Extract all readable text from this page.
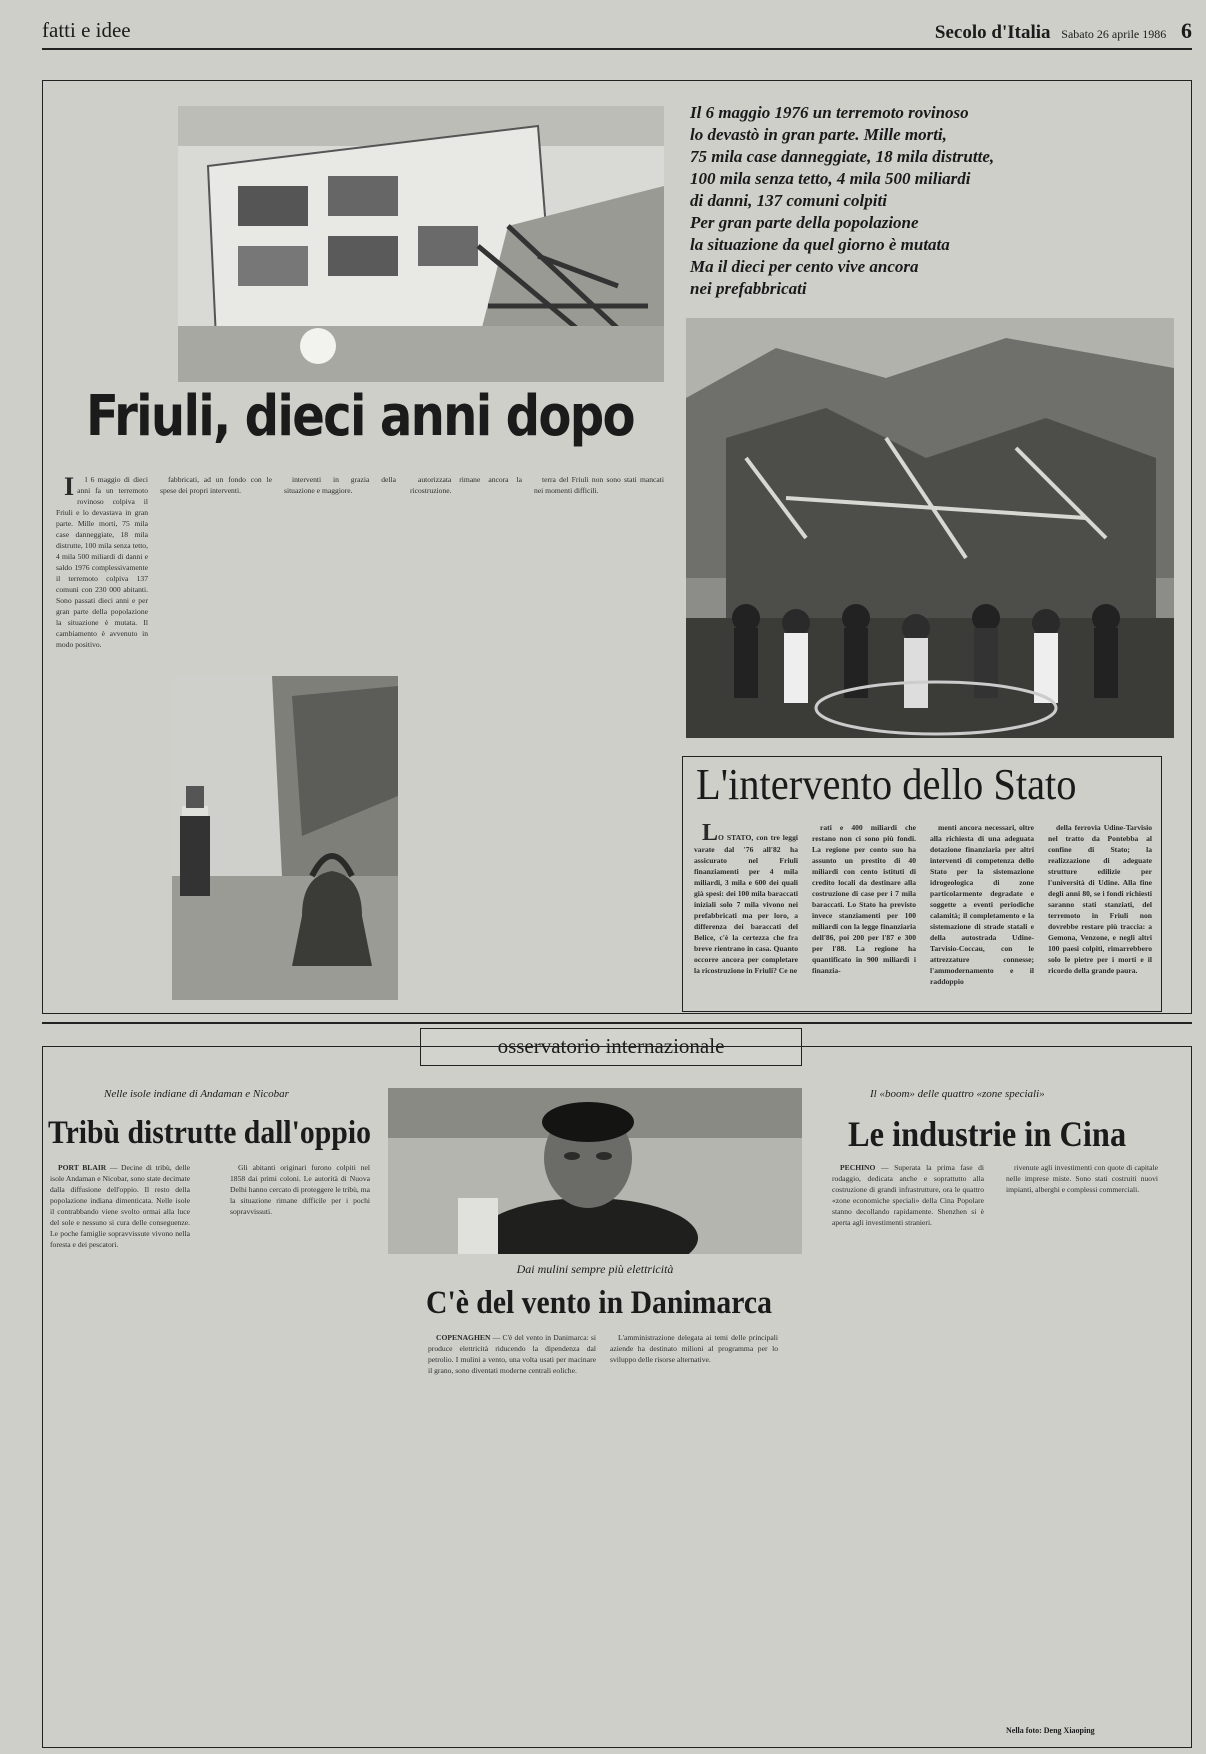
fatti e idee	Secolo d'Italia Sabato 26 aprile 1986 6
Il 6 maggio 1976 un terremoto rovinoso
lo devastò in gran parte. Mille morti,
75 mila case danneggiate, 18 mila distrutte,
100 mila senza tetto, 4 mila 500 miliardi
di danni, 137 comuni colpiti
Per gran parte della popolazione
la situazione da quel giorno è mutata
Ma il dieci per cento vive ancora
nei prefabbricati
Friuli, dieci anni dopo

I l 6 maggio di dieci anni fa un terremoto rovinoso colpiva il Friuli e lo devastava in gran parte. Mille morti, 75 mila case danneggiate, 18 mila distrutte, 100 mila senza tetto, 4 mila 500 miliardi di danni e saldo 1976 complessivamente il terremoto colpiva 137 comuni con 230 000 abitanti. Sono passati dieci anni e per gran parte della popolazione la situazione è mutata. Il cambiamento è avvenuto in modo positivo.

fabbricati, ad un fondo con le spese dei propri interventi.

interventi in grazia della situazione e maggiore.

autorizzata rimane ancora la ricostruzione.

terra del Friuli non sono stati mancati nei momenti difficili.

L'intervento dello Stato

LO STATO, con tre leggi varate dal '76 all'82 ha assicurato nel Friuli finanziamenti per 4 mila miliardi, 3 mila e 600 dei quali già spesi: dei 100 mila baraccati iniziali solo 7 mila vivono nei prefabbricati ma per loro, a differenza dei baraccati del Belice, c'è la certezza che fra breve rientrano in casa. Quanto occorre ancora per completare la ricostruzione in Friuli? Ce ne

rati e 400 miliardi che restano non ci sono più fondi. La regione per conto suo ha assunto un prestito di 40 miliardi con cento istituti di credito locali da destinare alla costruzione di case per i 7 mila baraccati. Lo Stato ha previsto invece stanziamenti per 100 miliardi con la legge finanziaria dell'86, poi 200 per l'87 e 300 per l'88. La regione ha quantificato in 900 miliardi i finanzia-

menti ancora necessari, oltre alla richiesta di una adeguata dotazione finanziaria per altri interventi di competenza dello Stato per la sistemazione idrogeologica di zone particolarmente degradate e soggette a eventi periodiche calamità; il completamento e la sistemazione di strade statali e della autostrada Udine-Tarvisio-Coccau, con le attrezzature connesse; l'ammodernamento e il raddoppio

della ferrovia Udine-Tarvisio nel tratto da Pontebba al confine di Stato; la realizzazione di adeguate strutture edilizie per l'università di Udine. Alla fine degli anni 80, se i fondi richiesti saranno stati stanziati, del terremoto in Friuli non dovrebbe restare più traccia: a Gemona, Venzone, e negli altri 100 paesi colpiti, rimarrebbero solo le pietre per i morti e il ricordo della grande paura.

osservatorio internazionale
Nelle isole indiane di Andaman e Nicobar
Tribù distrutte dall'oppio

PORT BLAIR — Decine di tribù, delle isole Andaman e Nicobar, sono state decimate dalla diffusione dell'oppio. Il resto della popolazione indiana dimenticata. Nelle isole il contrabbando viene svolto ormai alla luce del sole e nessuno si cura delle conseguenze. Le poche famiglie sopravvissute vivono nella foresta e dei pescatori.

Gli abitanti originari furono colpiti nel 1858 dai primi coloni. Le autorità di Nuova Delhi hanno cercato di proteggere le tribù, ma la situazione rimane difficile per i pochi sopravvissuti.

Dai mulini sempre più elettricità
C'è del vento in Danimarca

COPENAGHEN — C'è del vento in Danimarca: si produce elettricità riducendo la dipendenza dal petrolio. I mulini a vento, una volta usati per macinare il grano, sono diventati moderne centrali eoliche.

L'amministrazione delegata ai temi delle principali aziende ha destinato milioni al programma per lo sviluppo delle risorse alternative.

Il «boom» delle quattro «zone speciali»
Le industrie in Cina

PECHINO — Superata la prima fase di rodaggio, dedicata anche e soprattutto alla costruzione di grandi infrastrutture, ora le quattro «zone economiche speciali» della Cina Popolare stanno decollando rapidamente. Shenzhen si è aperta agli investimenti stranieri.

rivenute agli investimenti con quote di capitale nelle imprese miste. Sono stati costruiti nuovi impianti, alberghi e complessi commerciali.

Nella foto: Deng Xiaoping
